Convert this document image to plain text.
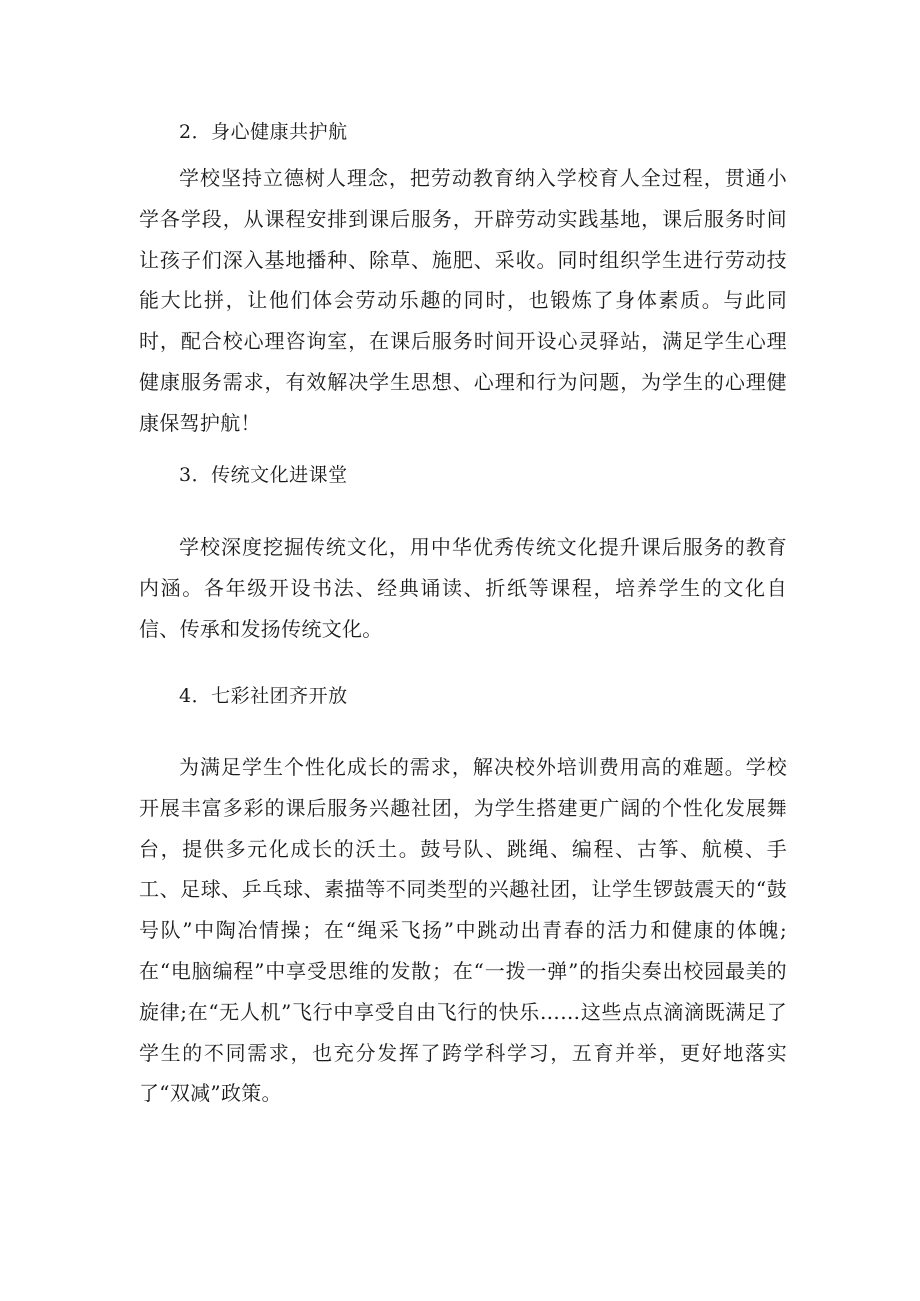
2．身心健康共护航

学校坚持立德树人理念，把劳动教育纳入学校育人全过程，贯通小学各学段，从课程安排到课后服务，开辟劳动实践基地，课后服务时间让孩子们深入基地播种、除草、施肥、采收。同时组织学生进行劳动技能大比拼，让他们体会劳动乐趣的同时，也锻炼了身体素质。与此同时，配合校心理咨询室，在课后服务时间开设心灵驿站，满足学生心理健康服务需求，有效解决学生思想、心理和行为问题，为学生的心理健康保驾护航！

3．传统文化进课堂

学校深度挖掘传统文化，用中华优秀传统文化提升课后服务的教育内涵。各年级开设书法、经典诵读、折纸等课程，培养学生的文化自信、传承和发扬传统文化。

4．七彩社团齐开放

为满足学生个性化成长的需求，解决校外培训费用高的难题。学校开展丰富多彩的课后服务兴趣社团，为学生搭建更广阔的个性化发展舞台，提供多元化成长的沃土。鼓号队、跳绳、编程、古筝、航模、手工、足球、乒乓球、素描等不同类型的兴趣社团，让学生锣鼓震天的“鼓号队”中陶冶情操；在“绳采飞扬”中跳动出青春的活力和健康的体魄;在“电脑编程”中享受思维的发散；在“一拨一弹”的指尖奏出校园最美的旋律;在“无人机”飞行中享受自由飞行的快乐……这些点点滴滴既满足了学生的不同需求，也充分发挥了跨学科学习，五育并举，更好地落实了“双减”政策。
